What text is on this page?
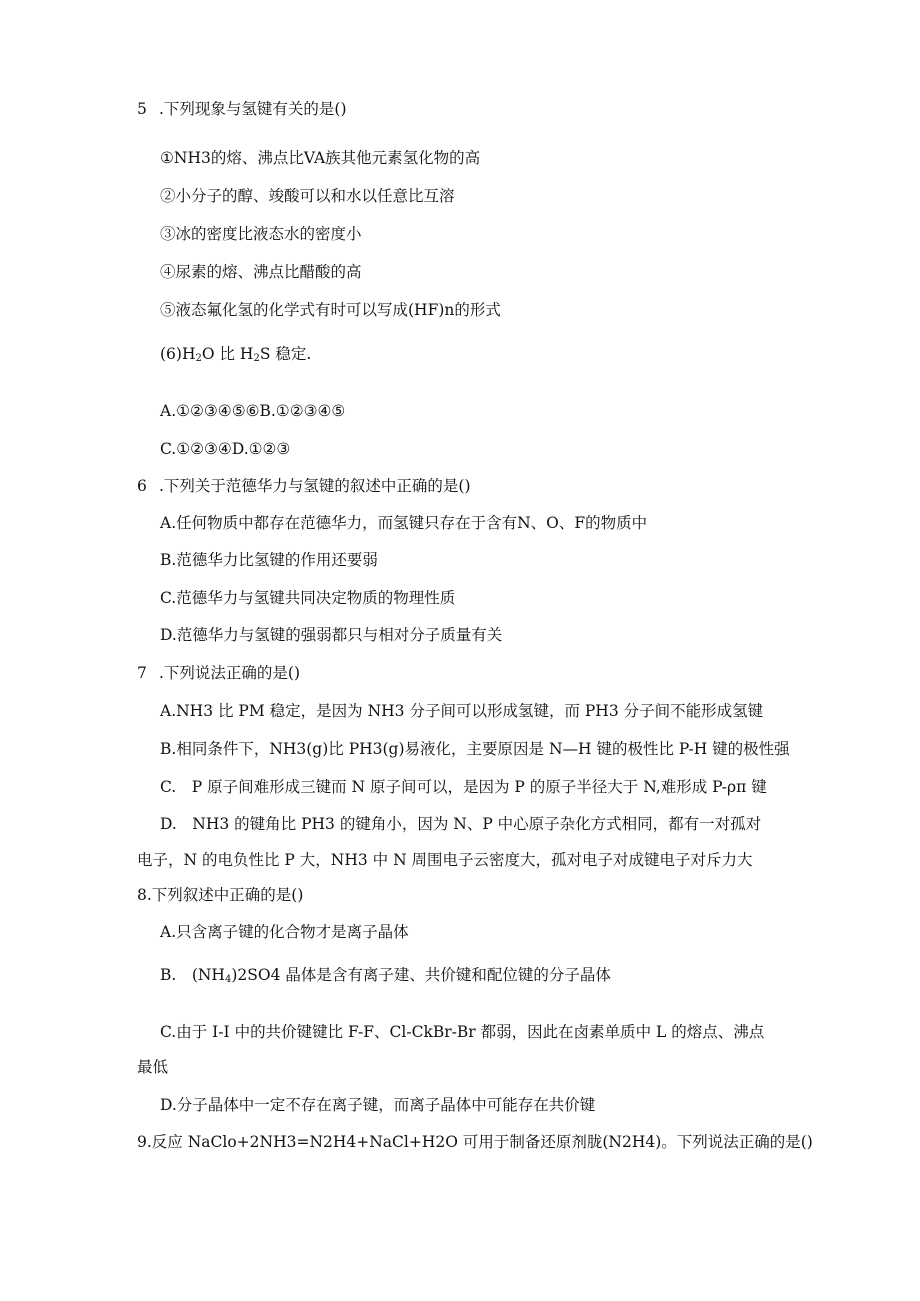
5 .下列现象与氢键有关的是()
①NH3的熔、沸点比VA族其他元素氢化物的高
②小分子的醇、竣酸可以和水以任意比互溶
③冰的密度比液态水的密度小
④尿素的熔、沸点比醋酸的高
⑤液态氟化氢的化学式有时可以写成(HF)n的形式
$(6)H_2O$ 比 $H_2S$ 稳定.
A.①②③④⑤⑥B.①②③④⑤
C.①②③④D.①②③
6 .下列关于范德华力与氢键的叙述中正确的是()
A.任何物质中都存在范德华力，而氢键只存在于含有N、O、F的物质中
B.范德华力比氢键的作用还要弱
C.范德华力与氢键共同决定物质的物理性质
D.范德华力与氢键的强弱都只与相对分子质量有关
7 .下列说法正确的是()
A.NH3 比 PM 稳定，是因为 NH3 分子间可以形成氢键，而 PH3 分子间不能形成氢键
B.相同条件下，NH3(g)比 PH3(g)易液化，主要原因是 N—H 键的极性比 P-H 键的极性强
C.　P 原子间难形成三键而 N 原子间可以，是因为 P 的原子半径大于 N,难形成 P-ρπ 键
D.　NH3 的键角比 PH3 的键角小，因为 N、P 中心原子杂化方式相同，都有一对孤对
电子，N 的电负性比 P 大，NH3 中 N 周围电子云密度大，孤对电子对成键电子对斥力大
8.下列叙述中正确的是()
A.只含离子键的化合物才是离子晶体
B.　$(NH_4)2SO4$ 晶体是含有离子建、共价键和配位键的分子晶体
C.由于 I-I 中的共价键键比 F-F、Cl-CkBr-Br 都弱，因此在卤素单质中 L 的熔点、沸点
最低
D.分子晶体中一定不存在离子键，而离子晶体中可能存在共价键
9.反应 NaClo+2NH3=N2H4+NaCl+H2O 可用于制备还原剂胧(N2H4)。下列说法正确的是()
